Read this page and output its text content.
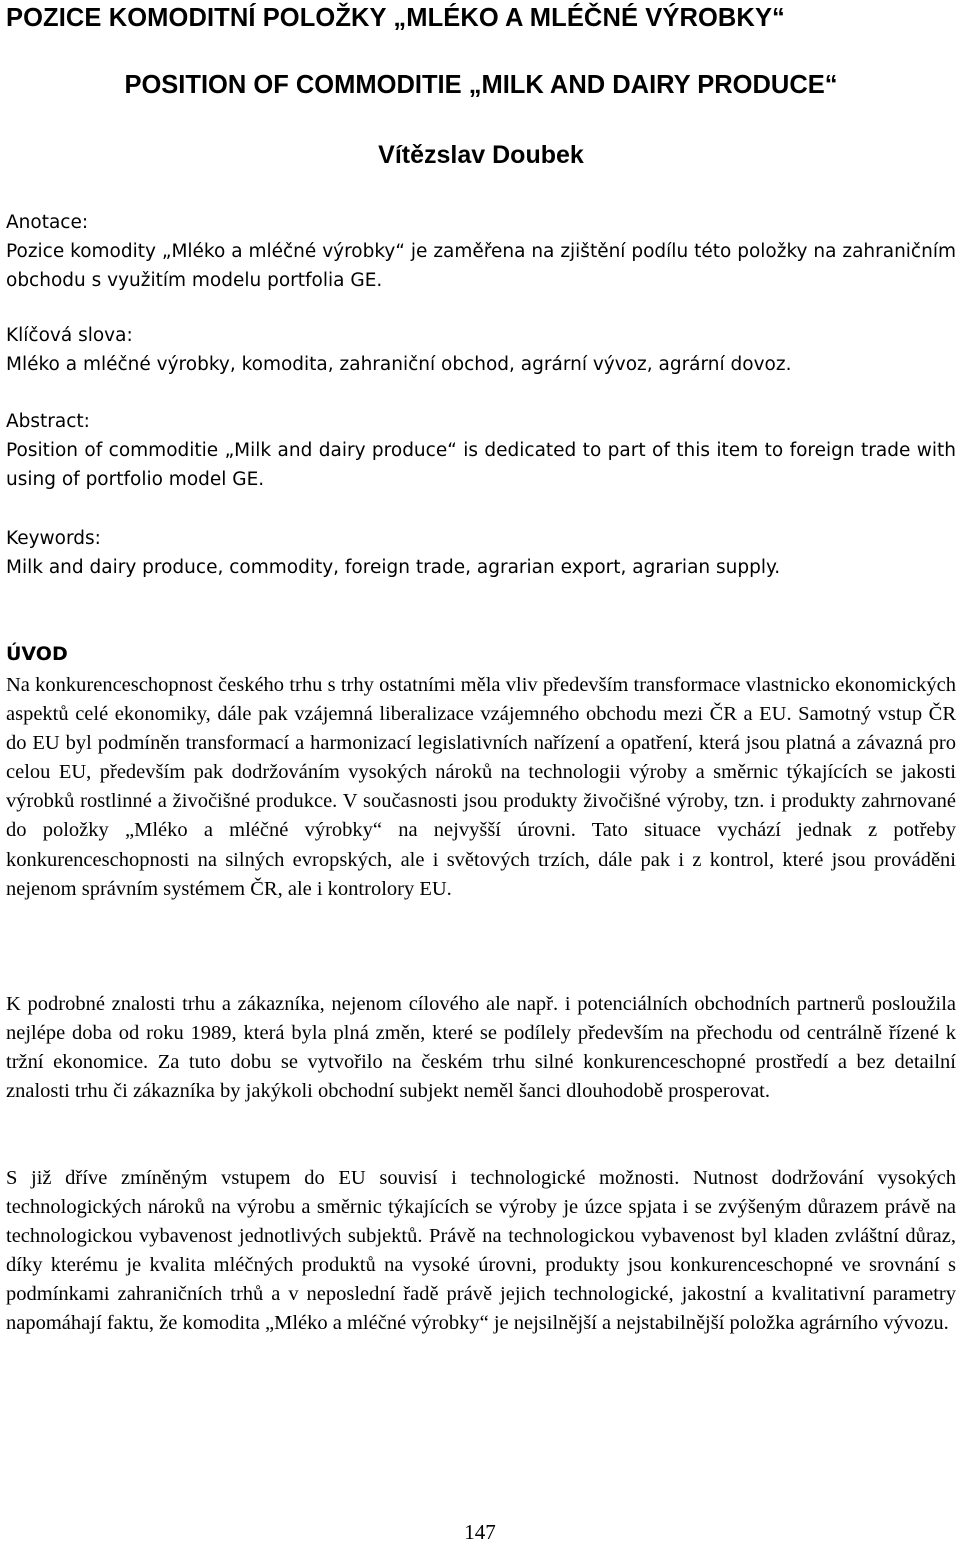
POZICE KOMODITNÍ POLOŽKY „MLÉKO A MLÉČNÉ VÝROBKY“
POSITION OF COMMODITIE „MILK AND DAIRY PRODUCE“
Vítězslav Doubek
Anotace:
Pozice komodity „Mléko a mléčné výrobky“ je zaměřena na zjištění podílu této položky na zahraničním obchodu s využitím modelu portfolia GE.
Klíčová slova:
Mléko a mléčné výrobky, komodita, zahraniční obchod, agrární vývoz, agrární dovoz.
Abstract:
Position of commoditie „Milk and dairy produce“ is dedicated to part of this item to foreign trade with using of portfolio model GE.
Keywords:
Milk and dairy produce, commodity, foreign trade, agrarian export, agrarian supply.
ÚVOD

Na konkurenceschopnost českého trhu s trhy ostatními měla vliv především transformace vlastnicko ekonomických aspektů celé ekonomiky, dále pak vzájemná liberalizace vzájemného obchodu mezi ČR a EU. Samotný vstup ČR do EU byl podmíněn transformací a harmonizací legislativních nařízení a opatření, která jsou platná a závazná pro celou EU, především pak dodržováním vysokých nároků na technologii výroby a směrnic týkajících se jakosti výrobků rostlinné a živočišné produkce. V současnosti jsou produkty živočišné výroby, tzn. i produkty zahrnované do položky „Mléko a mléčné výrobky“ na nejvyšší úrovni. Tato situace vychází jednak z potřeby konkurenceschopnosti na silných evropských, ale i světových trzích, dále pak i z kontrol, které jsou prováděni nejenom správním systémem ČR, ale i kontrolory EU.

K podrobné znalosti trhu a zákazníka, nejenom cílového ale např. i potenciálních obchodních partnerů posloužila nejlépe doba od roku 1989, která byla plná změn, které se podílely především na přechodu od centrálně řízené k tržní ekonomice. Za tuto dobu se vytvořilo na českém trhu silné konkurenceschopné prostředí a bez detailní znalosti trhu či zákazníka by jakýkoli obchodní subjekt neměl šanci dlouhodobě prosperovat.

S již dříve zmíněným vstupem do EU souvisí i technologické možnosti. Nutnost dodržování vysokých technologických nároků na výrobu a směrnic týkajících se výroby je úzce spjata i se zvýšeným důrazem právě na technologickou vybavenost jednotlivých subjektů. Právě na technologickou vybavenost byl kladen zvláštní důraz, díky kterému je kvalita mléčných produktů na vysoké úrovni, produkty jsou konkurenceschopné ve srovnání s podmínkami zahraničních trhů a v neposlední řadě právě jejich technologické, jakostní a kvalitativní parametry napomáhají faktu, že komodita „Mléko a mléčné výrobky“ je nejsilnější a nejstabilnější položka agrárního vývozu.

147
